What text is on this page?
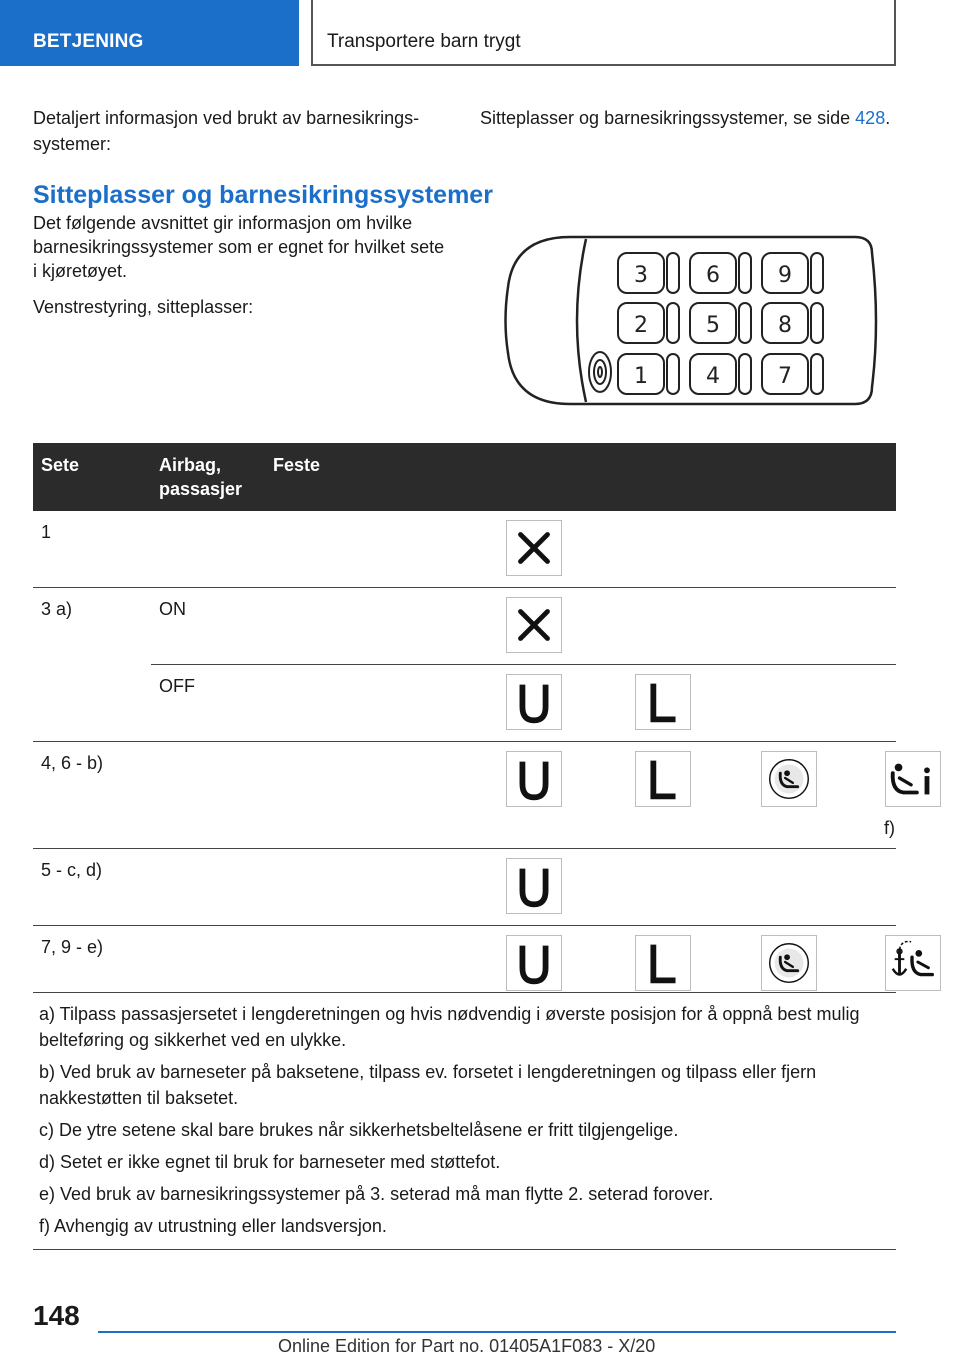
BETJENING	Transportere barn trygt
Detaljert informasjon ved brukt av barnesikrings-systemer:
Sitteplasser og barnesikringssystemer, se side 428.
Sitteplasser og barnesikringssystemer

Det følgende avsnittet gir informasjon om hvilke barnesikringssystemer som er egnet for hvilket sete i kjøretøyet.

Venstrestyring, sitteplasser:

3	6	9
2	5	8
1	4	7
Sete	Airbag, passasjer	Feste
1		

3 a)	ON	

	OFF	

4, 6 - b)		f)

5 - c, d)		

7, 9 - e)		

a) Tilpass passasjersetet i lengderetningen og hvis nødvendig i øverste posisjon for å oppnå best mulig belteføring og sikkerhet ved en ulykke.

b) Ved bruk av barneseter på baksetene, tilpass ev. forsetet i lengderetningen og tilpass eller fjern nakkestøtten til baksetet.

c) De ytre setene skal bare brukes når sikkerhetsbeltelåsene er fritt tilgjengelige.

d) Setet er ikke egnet til bruk for barneseter med støttefot.

e) Ved bruk av barnesikringssystemer på 3. seterad må man flytte 2. seterad forover.

f) Avhengig av utrustning eller landsversjon.

148
Online Edition for Part no. 01405A1F083 - X/20
